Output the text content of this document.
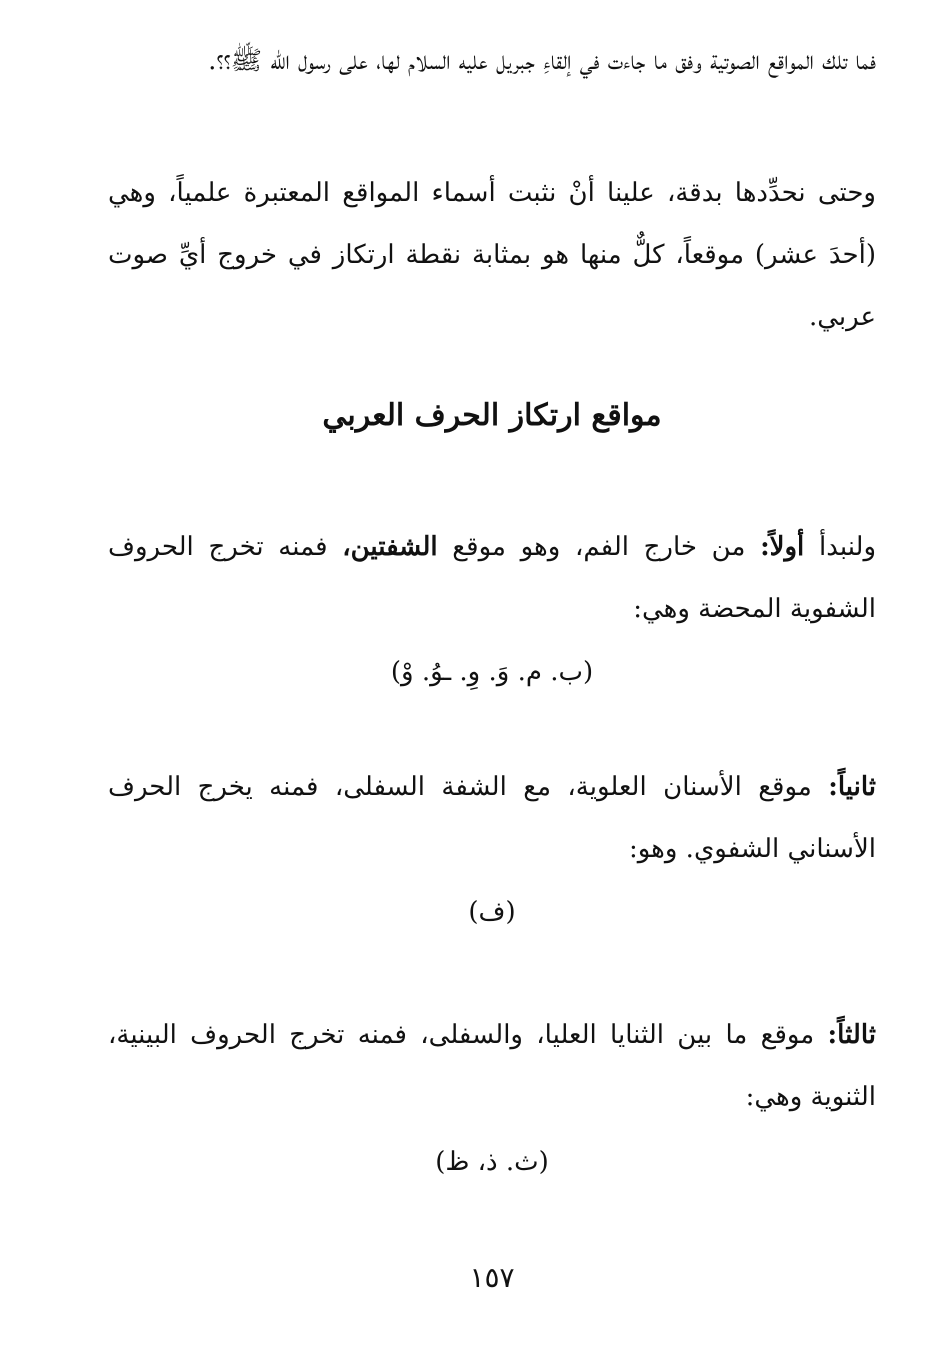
فما تلك المواقع الصوتية وفق ما جاءت في إلقاءِ جبريل عليه السلام لها، على رسول الله ﷺ؟؟.

وحتى نحدِّدها بدقة، علينا أنْ نثبت أسماء المواقع المعتبرة علمياً، وهي (أحدَ عشر) موقعاً، كلٌّ منها هو بمثابة نقطة ارتكاز في خروج أيِّ صوت عربي.

مواقع ارتكاز الحرف العربي

ولنبدأ أولاً: من خارج الفم، وهو موقع الشفتين، فمنه تخرج الحروف الشفوية المحضة وهي:

(ب. م. وَ. وِ. ـوُ. وْ)

ثانياً: موقع الأسنان العلوية، مع الشفة السفلى، فمنه يخرج الحرف الأسناني الشفوي. وهو:

(ف)

ثالثاً: موقع ما بين الثنايا العليا، والسفلى، فمنه تخرج الحروف البينية، الثنوية وهي:

(ث. ذ، ظ)

١٥٧
